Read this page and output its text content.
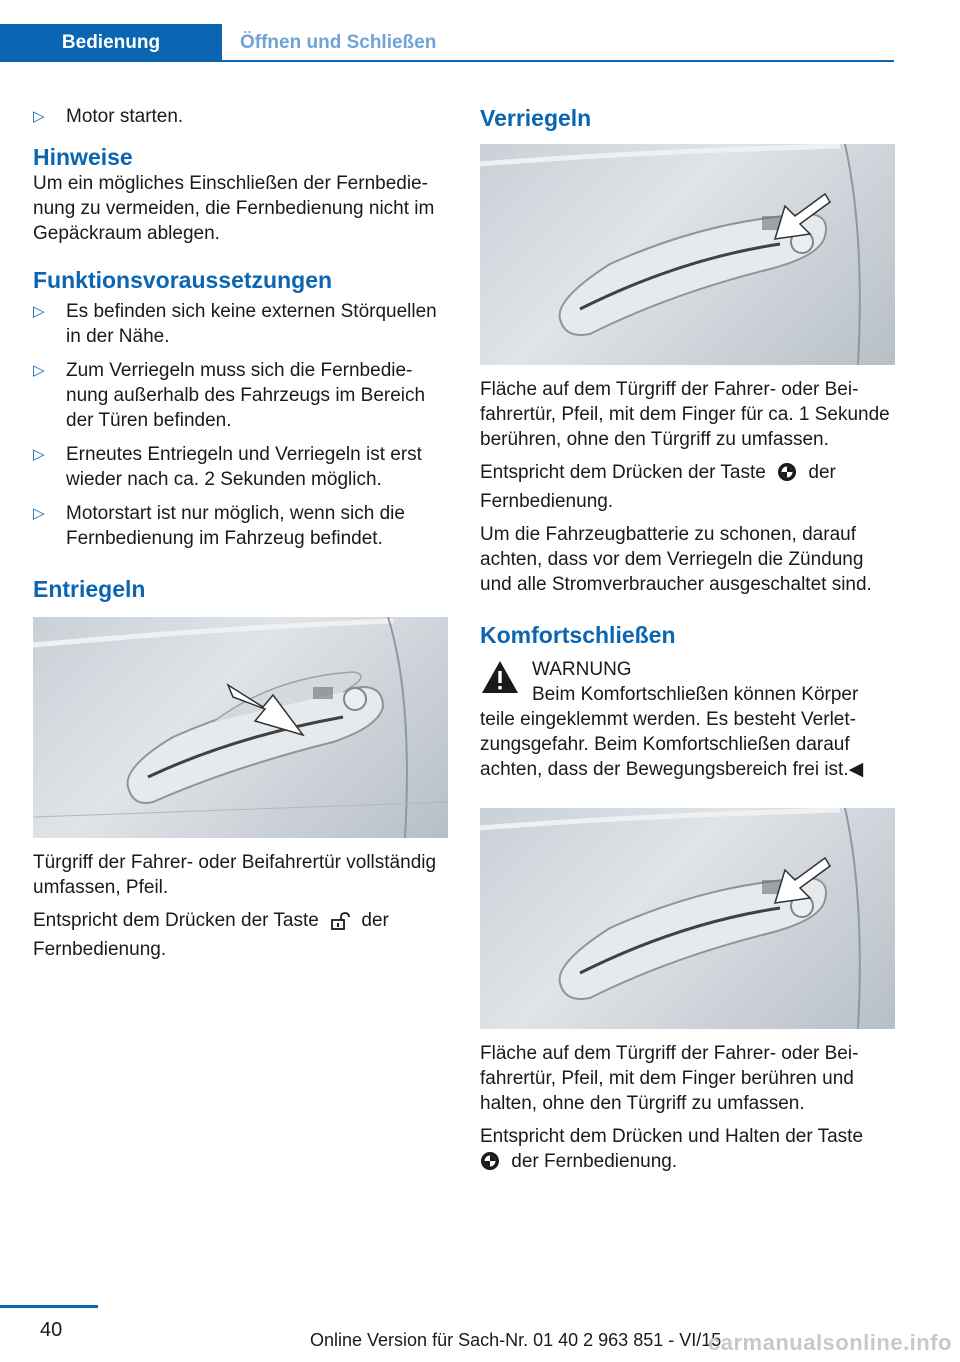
Bedienung	Öffnen und Schließen
▷ Motor starten.
Hinweise

Um ein mögliches Einschließen der Fernbedienung zu vermeiden, die Fernbedienung nicht im Gepäckraum ablegen.

Funktionsvoraussetzungen
▷ Es befinden sich keine externen Störquellen in der Nähe.
▷ Zum Verriegeln muss sich die Fernbedienung außerhalb des Fahrzeugs im Bereich der Türen befinden.
▷ Erneutes Entriegeln und Verriegeln ist erst wieder nach ca. 2 Sekunden möglich.
▷ Motorstart ist nur möglich, wenn sich die Fernbedienung im Fahrzeug befindet.
Entriegeln

Türgriff der Fahrer- oder Beifahrertür vollständig umfassen, Pfeil.

Entspricht dem Drücken der Taste der Fernbedienung.

Verriegeln

Fläche auf dem Türgriff der Fahrer- oder Beifahrertür, Pfeil, mit dem Finger für ca. 1 Sekunde berühren, ohne den Türgriff zu umfassen.

Entspricht dem Drücken der Taste der Fernbedienung.

Um die Fahrzeugbatterie zu schonen, darauf achten, dass vor dem Verriegeln die Zündung und alle Stromverbraucher ausgeschaltet sind.

Komfortschließen

WARNUNG

Beim Komfortschließen können Körper

teile eingeklemmt werden. Es besteht Verletzungsgefahr. Beim Komfortschließen darauf achten, dass der Bewegungsbereich frei ist.◀

Fläche auf dem Türgriff der Fahrer- oder Beifahrertür, Pfeil, mit dem Finger berühren und halten, ohne den Türgriff zu umfassen.

Entspricht dem Drücken und Halten der Taste

der Fernbedienung.

40	Online Version für Sach-Nr. 01 40 2 963 851 - VI/15
carmanualsonline.info
